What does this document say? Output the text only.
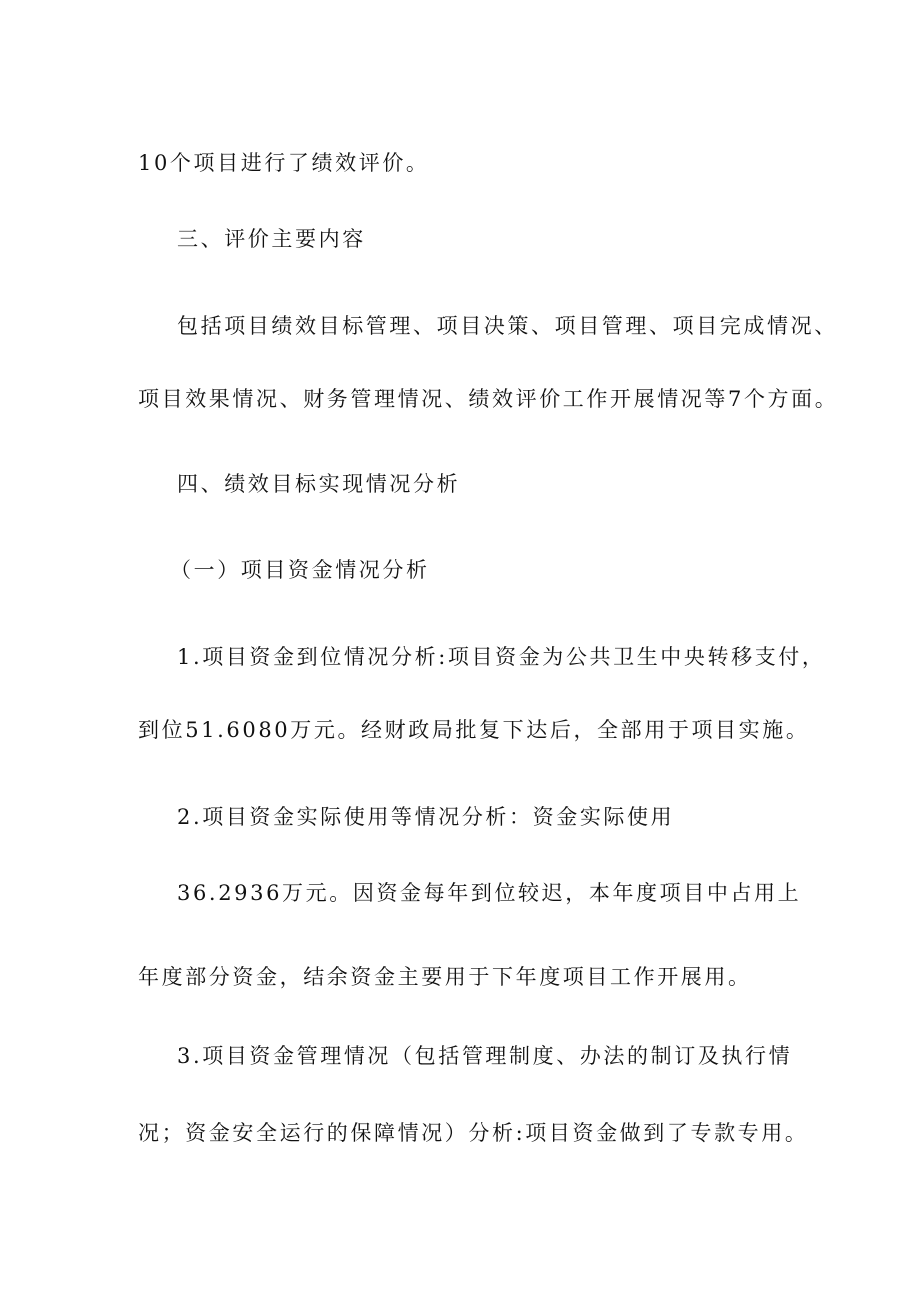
10个项目进行了绩效评价。
三、评价主要内容
包括项目绩效目标管理、项目决策、项目管理、项目完成情况、
项目效果情况、财务管理情况、绩效评价工作开展情况等7个方面。
四、绩效目标实现情况分析
（一）项目资金情况分析
1.项目资金到位情况分析:项目资金为公共卫生中央转移支付，
到位51.6080万元。经财政局批复下达后，全部用于项目实施。
2.项目资金实际使用等情况分析：资金实际使用
36.2936万元。因资金每年到位较迟，本年度项目中占用上
年度部分资金，结余资金主要用于下年度项目工作开展用。
3.项目资金管理情况（包括管理制度、办法的制订及执行情
况；资金安全运行的保障情况）分析:项目资金做到了专款专用。
